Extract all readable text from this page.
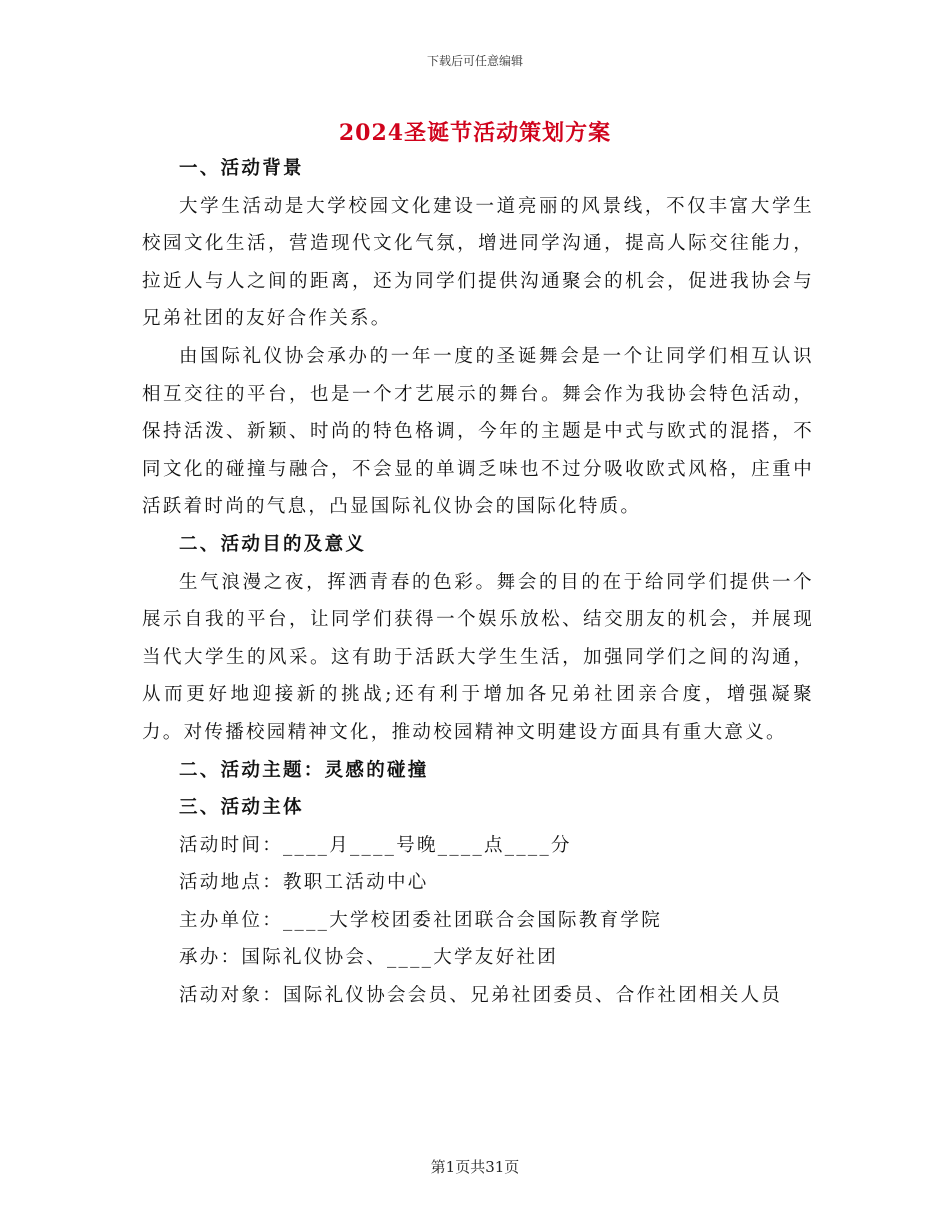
下载后可任意编辑
2024圣诞节活动策划方案

一、活动背景

大学生活动是大学校园文化建设一道亮丽的风景线，不仅丰富大学生校园文化生活，营造现代文化气氛，增进同学沟通，提高人际交往能力，拉近人与人之间的距离，还为同学们提供沟通聚会的机会，促进我协会与兄弟社团的友好合作关系。

由国际礼仪协会承办的一年一度的圣诞舞会是一个让同学们相互认识相互交往的平台，也是一个才艺展示的舞台。舞会作为我协会特色活动，保持活泼、新颖、时尚的特色格调，今年的主题是中式与欧式的混搭，不同文化的碰撞与融合，不会显的单调乏味也不过分吸收欧式风格，庄重中活跃着时尚的气息，凸显国际礼仪协会的国际化特质。

二、活动目的及意义

生气浪漫之夜，挥洒青春的色彩。舞会的目的在于给同学们提供一个展示自我的平台，让同学们获得一个娱乐放松、结交朋友的机会，并展现当代大学生的风采。这有助于活跃大学生生活，加强同学们之间的沟通，从而更好地迎接新的挑战;还有利于增加各兄弟社团亲合度，增强凝聚力。对传播校园精神文化，推动校园精神文明建设方面具有重大意义。

二、活动主题：灵感的碰撞

三、活动主体

活动时间：____月____号晚____点____分

活动地点：教职工活动中心

主办单位：____大学校团委社团联合会国际教育学院

承办：国际礼仪协会、____大学友好社团

活动对象：国际礼仪协会会员、兄弟社团委员、合作社团相关人员

第1页共31页
